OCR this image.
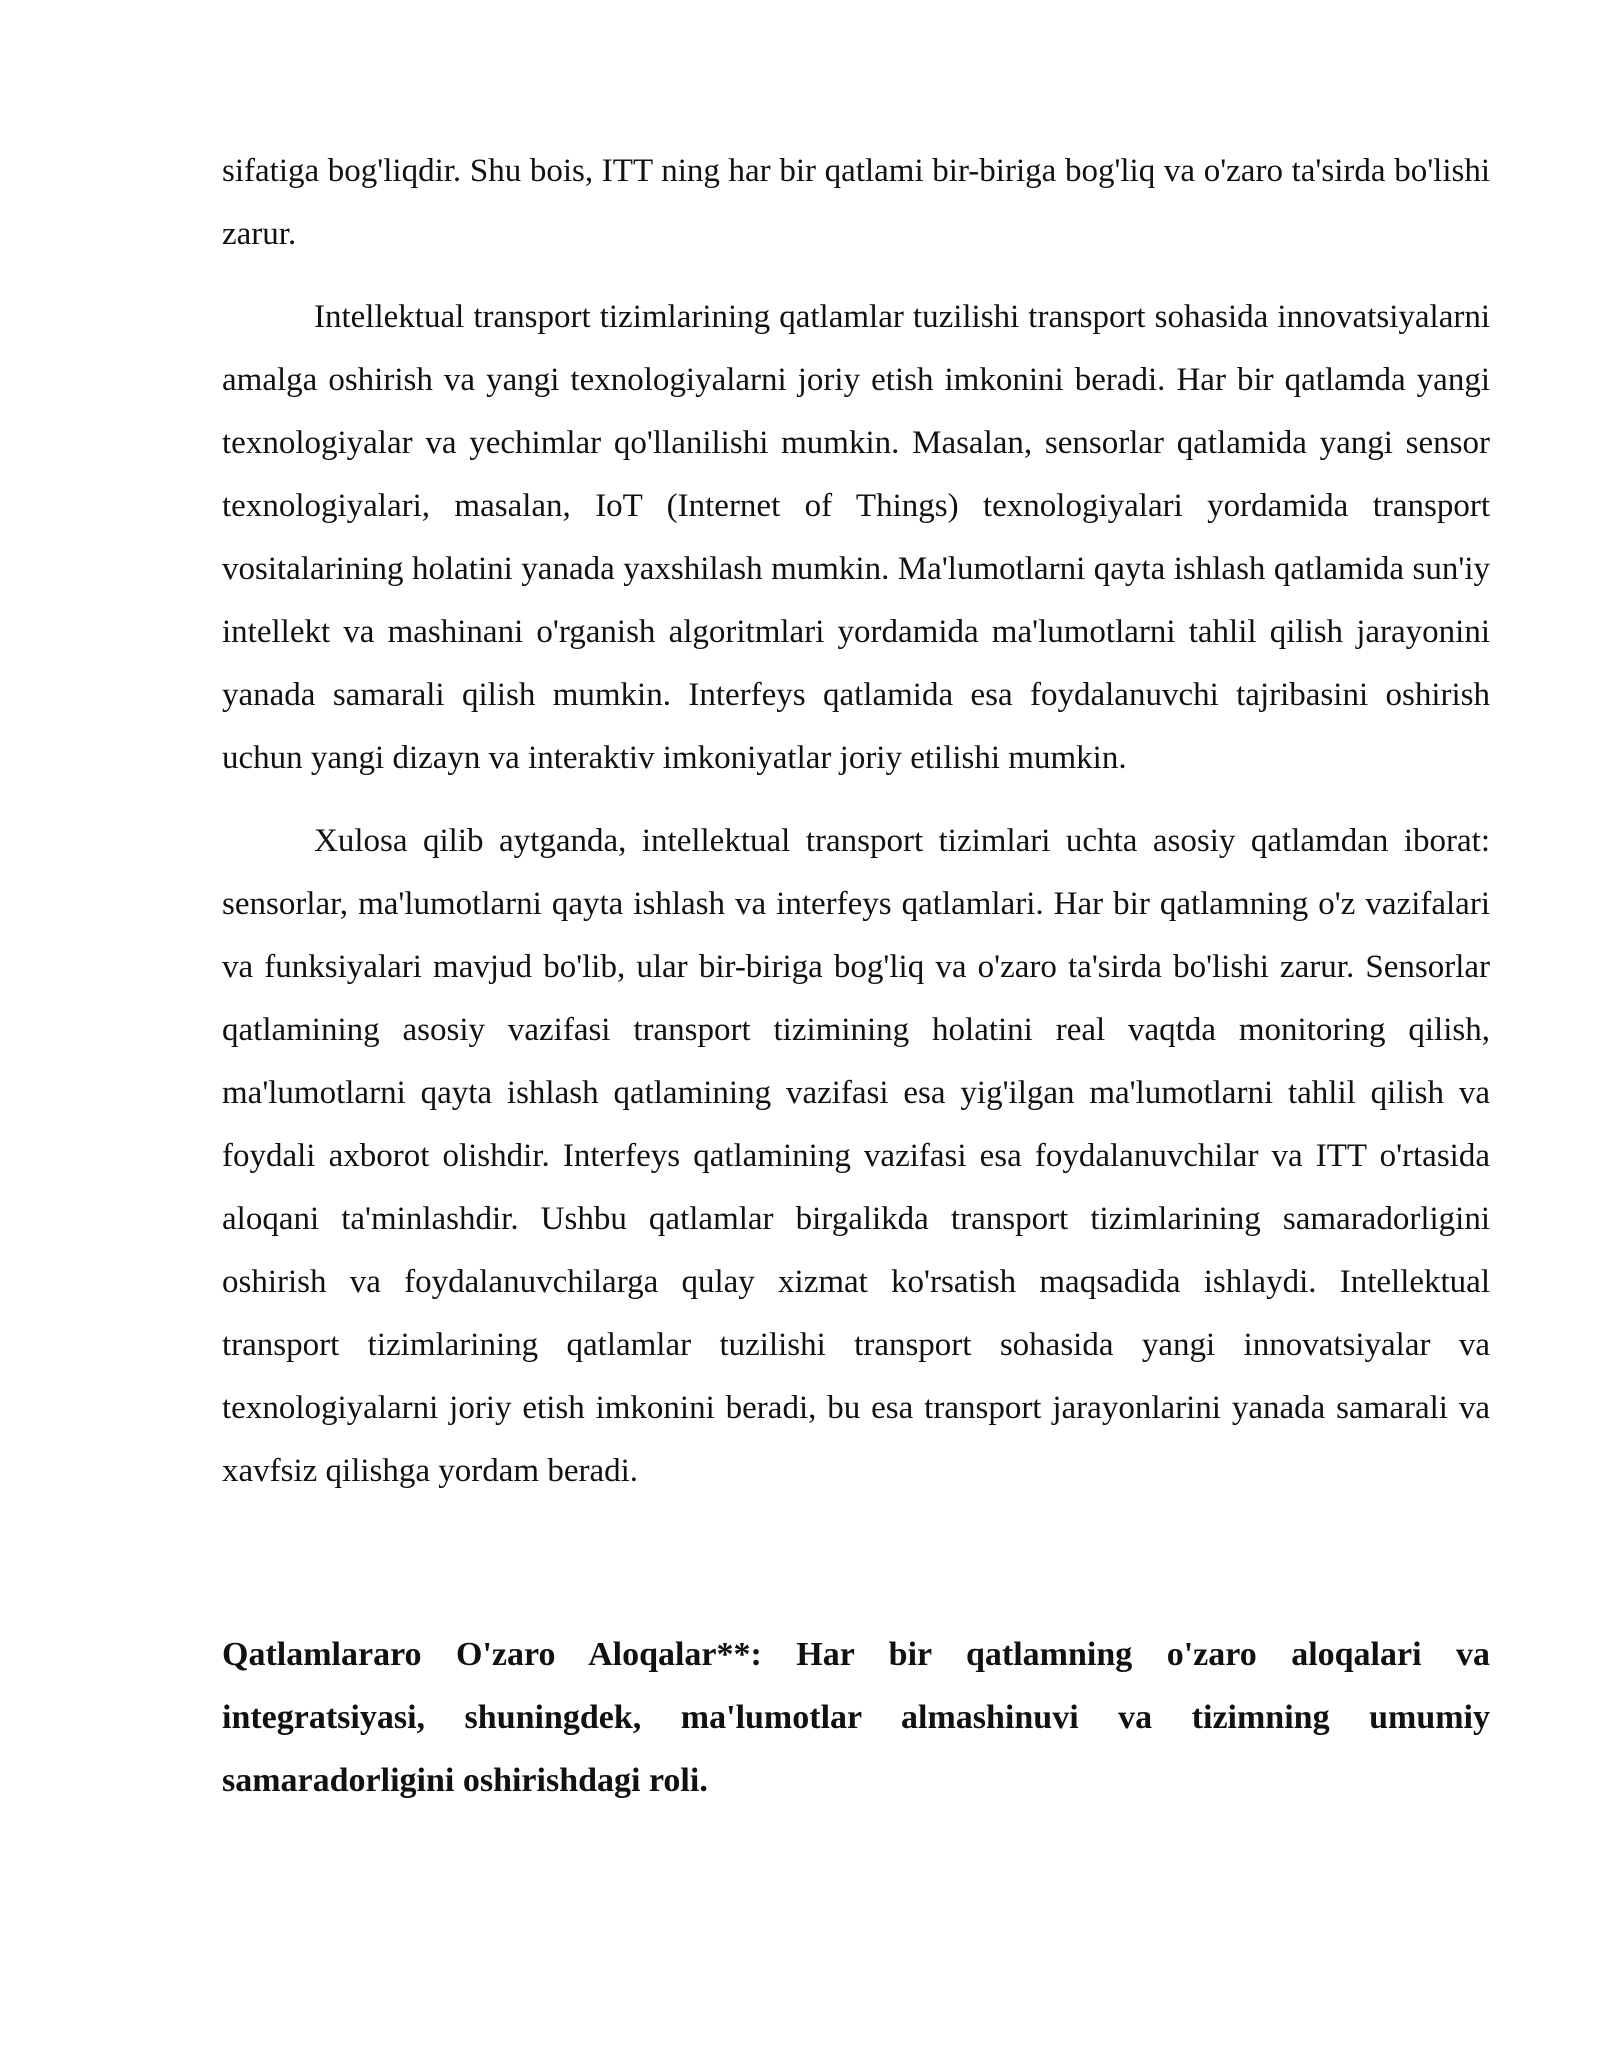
sifatiga bog'liqdir. Shu bois, ITT ning har bir qatlami bir-biriga bog'liq va o'zaro ta'sirda bo'lishi zarur.

Intellektual transport tizimlarining qatlamlar tuzilishi transport sohasida innovatsiyalarni amalga oshirish va yangi texnologiyalarni joriy etish imkonini beradi. Har bir qatlamda yangi texnologiyalar va yechimlar qo'llanilishi mumkin. Masalan, sensorlar qatlamida yangi sensor texnologiyalari, masalan, IoT (Internet of Things) texnologiyalari yordamida transport vositalarining holatini yanada yaxshilash mumkin. Ma'lumotlarni qayta ishlash qatlamida sun'iy intellekt va mashinani o'rganish algoritmlari yordamida ma'lumotlarni tahlil qilish jarayonini yanada samarali qilish mumkin. Interfeys qatlamida esa foydalanuvchi tajribasini oshirish uchun yangi dizayn va interaktiv imkoniyatlar joriy etilishi mumkin.

Xulosa qilib aytganda, intellektual transport tizimlari uchta asosiy qatlamdan iborat: sensorlar, ma'lumotlarni qayta ishlash va interfeys qatlamlari. Har bir qatlamning o'z vazifalari va funksiyalari mavjud bo'lib, ular bir-biriga bog'liq va o'zaro ta'sirda bo'lishi zarur. Sensorlar qatlamining asosiy vazifasi transport tizimining holatini real vaqtda monitoring qilish, ma'lumotlarni qayta ishlash qatlamining vazifasi esa yig'ilgan ma'lumotlarni tahlil qilish va foydali axborot olishdir. Interfeys qatlamining vazifasi esa foydalanuvchilar va ITT o'rtasida aloqani ta'minlashdir. Ushbu qatlamlar birgalikda transport tizimlarining samaradorligini oshirish va foydalanuvchilarga qulay xizmat ko'rsatish maqsadida ishlaydi. Intellektual transport tizimlarining qatlamlar tuzilishi transport sohasida yangi innovatsiyalar va texnologiyalarni joriy etish imkonini beradi, bu esa transport jarayonlarini yanada samarali va xavfsiz qilishga yordam beradi.

Qatlamlararo O'zaro Aloqalar**: Har bir qatlamning o'zaro aloqalari va integratsiyasi, shuningdek, ma'lumotlar almashinuvi va tizimning umumiy samaradorligini oshirishdagi roli.
